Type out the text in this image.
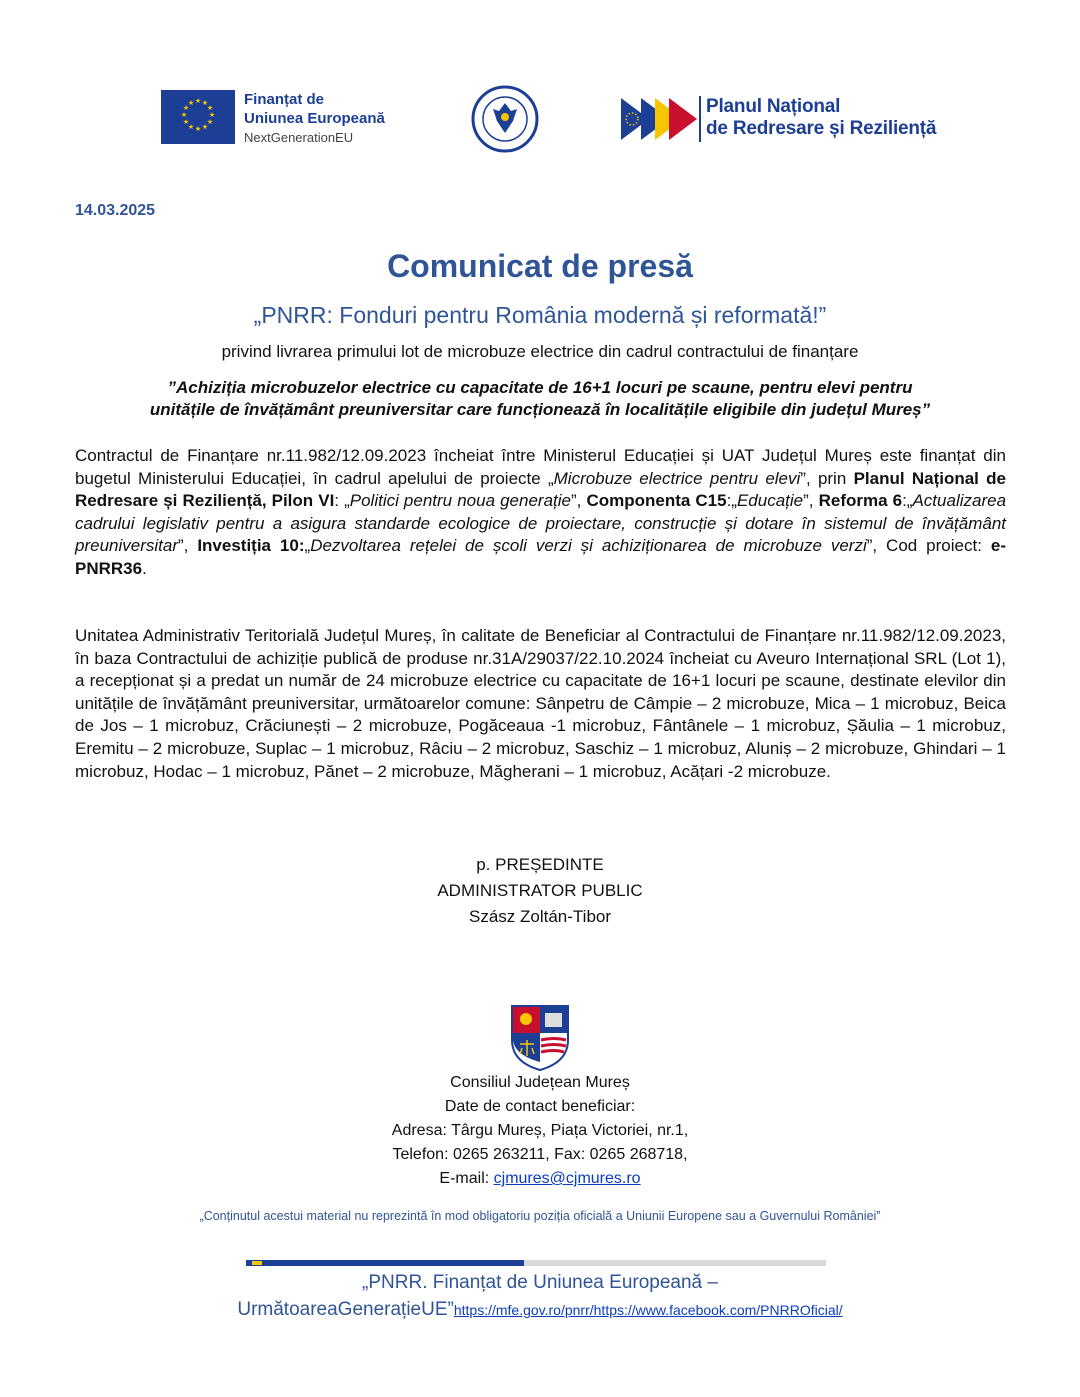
★ ★
★
★
★
★
★
★
★
★
★
★	Finanțat de
Uniunea Europeană
NextGenerationEU
Planul Național
de Redresare și Reziliență
14.03.2025
Comunicat de presă
„PNRR: Fonduri pentru România modernă și reformată!”
privind livrarea primului lot de microbuze electrice din cadrul contractului de finanțare
”Achiziția microbuzelor electrice cu capacitate de 16+1 locuri pe scaune, pentru elevi pentru
unitățile de învățământ preuniversitar care funcționează în localitățile eligibile din județul Mureș”
Contractul de Finanțare nr.11.982/12.09.2023 încheiat între Ministerul Educației și UAT Județul Mureș este finanțat din bugetul Ministerului Educației, în cadrul apelului de proiecte „Microbuze electrice pentru elevi”, prin Planul Național de Redresare și Reziliență, Pilon VI: „Politici pentru noua generație”, Componenta C15:„Educație”, Reforma 6:„Actualizarea cadrului legislativ pentru a asigura standarde ecologice de proiectare, construcție și dotare în sistemul de învățământ preuniversitar”, Investiția 10:„Dezvoltarea rețelei de școli verzi și achiziționarea de microbuze verzi”, Cod proiect: e-PNRR36.
Unitatea Administrativ Teritorială Județul Mureș, în calitate de Beneficiar al Contractului de Finanțare nr.11.982/12.09.2023, în baza Contractului de achiziție publică de produse nr.31A/29037/22.10.2024 încheiat cu Aveuro Internațional SRL (Lot 1), a recepționat și a predat un număr de 24 microbuze electrice cu capacitate de 16+1 locuri pe scaune, destinate elevilor din unitățile de învățământ preuniversitar, următoarelor comune: Sânpetru de Câmpie – 2 microbuze, Mica – 1 microbuz, Beica de Jos – 1 microbuz, Crăciunești – 2 microbuze, Pogăceaua -1 microbuz, Fântânele – 1 microbuz, Șăulia – 1 microbuz, Eremitu – 2 microbuze, Suplac – 1 microbuz, Râciu – 2 microbuz, Saschiz – 1 microbuz, Aluniș – 2 microbuze, Ghindari – 1 microbuz, Hodac – 1 microbuz, Pănet – 2 microbuze, Măgherani – 1 microbuz, Acățari -2 microbuze.
p. PREȘEDINTE
ADMINISTRATOR PUBLIC
Szász Zoltán-Tibor
Consiliul Județean Mureș
Date de contact beneficiar:
Adresa: Târgu Mureș, Piața Victoriei, nr.1,
Telefon: 0265 263211, Fax: 0265 268718,
E-mail: cjmures@cjmures.ro
„Conținutul acestui material nu reprezintă în mod obligatoriu poziția oficială a Uniunii Europene sau a Guvernului României”
„PNRR. Finanțat de Uniunea Europeană –
UrmătoareaGenerațieUE”https://mfe.gov.ro/pnrr/https://www.facebook.com/PNRROficial/
